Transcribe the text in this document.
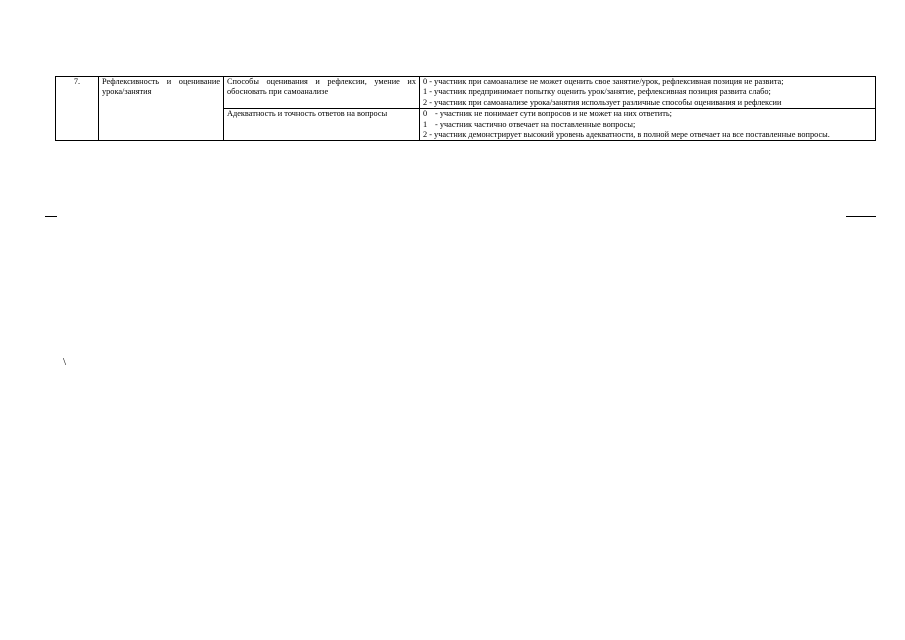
7.	Рефлексивность и оценивание урока/занятия	Способы оценивания и рефлексии, умение их обосновать при самоанализе	0 - участник при самоанализе не может оценить свое занятие/урок, рефлексивная позиция не развита;
1 - участник предпринимает попытку оценить урок/занятие, рефлексивная позиция развита слабо;
2 - участник при самоанализе урока/занятия использует различные способы оценивания и рефлексии

		Адекватность и точность ответов на вопросы	0 - участник не понимает сути вопросов и не может на них ответить;
1 - участник частично отвечает на поставленные вопросы;
2 - участник демонстрирует высокий уровень адекватности, в полной мере отвечает на все поставленные вопросы.
\
